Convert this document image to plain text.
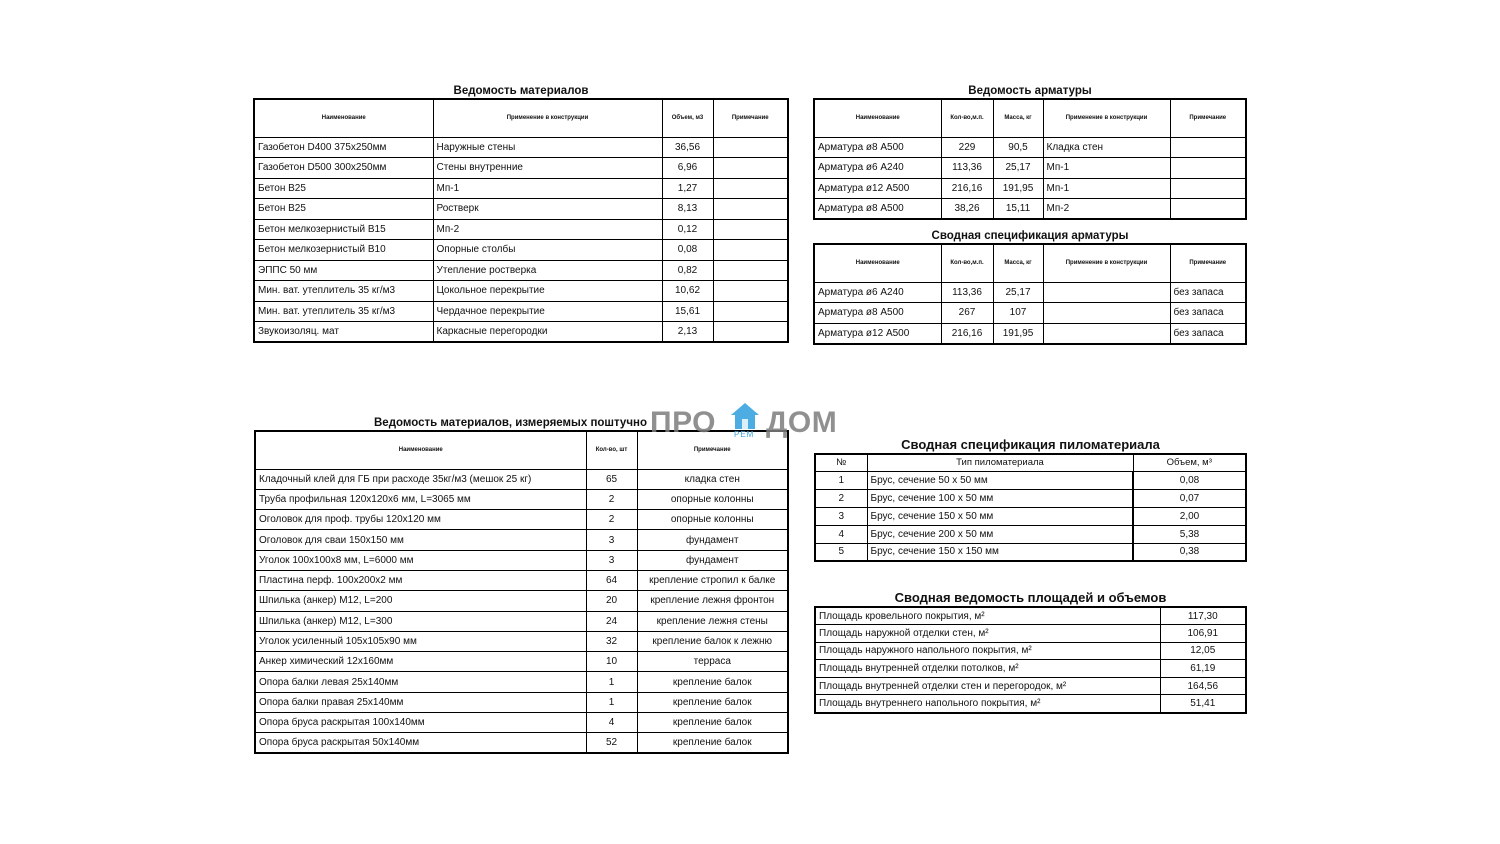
Ведомость материалов
Наименование	Применение в конструкции	Объем, м3	Примечание
Газобетон D400 375х250мм	Наружные стены	36,56	
Газобетон D500 300х250мм	Стены внутренние	6,96	
Бетон B25	Мп-1	1,27	
Бетон B25	Ростверк	8,13	
Бетон мелкозернистый B15	Мп-2	0,12	
Бетон мелкозернистый B10	Опорные столбы	0,08	
ЭППС 50 мм	Утепление ростверка	0,82	
Мин. ват. утеплитель 35 кг/м3	Цокольное перекрытие	10,62	
Мин. ват. утеплитель 35 кг/м3	Чердачное перекрытие	15,61	
Звукоизоляц. мат	Каркасные перегородки	2,13	
Ведомость арматуры
Наименование	Кол-во,м.п.	Масса, кг	Применение в конструкции	Примечание
Арматура ø8 А500	229	90,5	Кладка стен	
Арматура ø6 А240	113,36	25,17	Мп-1	
Арматура ø12 А500	216,16	191,95	Мп-1	
Арматура ø8 А500	38,26	15,11	Мп-2	
Сводная спецификация арматуры
Наименование	Кол-во,м.п.	Масса, кг	Применение в конструкции	Примечание
Арматура ø6 А240	113,36	25,17		без запаса
Арматура ø8 А500	267	107		без запаса
Арматура ø12 А500	216,16	191,95		без запаса
Ведомость материалов, измеряемых поштучно
Наименование	Кол-во, шт	Примечание
Кладочный клей для ГБ при расходе 35кг/м3 (мешок 25 кг)	65	кладка стен
Труба профильная 120х120х6 мм, L=3065 мм	2	опорные колонны
Оголовок для проф. трубы 120х120 мм	2	опорные колонны
Оголовок для сваи 150х150 мм	3	фундамент
Уголок 100х100х8 мм, L=6000 мм	3	фундамент
Пластина перф. 100х200х2 мм	64	крепление стропил к балке
Шпилька (анкер) М12, L=200	20	крепление лежня фронтон
Шпилька (анкер) М12, L=300	24	крепление лежня стены
Уголок усиленный 105х105х90 мм	32	крепление балок к лежню
Анкер химический 12х160мм	10	терраса
Опора балки левая 25х140мм	1	крепление балок
Опора балки правая 25х140мм	1	крепление балок
Опора бруса раскрытая 100х140мм	4	крепление балок
Опора бруса раскрытая 50х140мм	52	крепление балок
Сводная спецификация пиломатериала
№	Тип пиломатериала	Объем, м³
1	Брус, сечение 50 х 50 мм	0,08
2	Брус, сечение 100 х 50 мм	0,07
3	Брус, сечение 150 х 50 мм	2,00
4	Брус, сечение 200 х 50 мм	5,38
5	Брус, сечение 150 х 150 мм	0,38
Сводная ведомость площадей и объемов
Площадь кровельного покрытия, м²	117,30
Площадь наружной отделки стен, м²	106,91
Площадь наружного напольного покрытия, м²	12,05
Площадь внутренней отделки потолков, м²	61,19
Площадь внутренней отделки стен и перегородок, м²	164,56
Площадь внутреннего напольного покрытия, м²	51,41
ПРО РЕМ ДОМ
